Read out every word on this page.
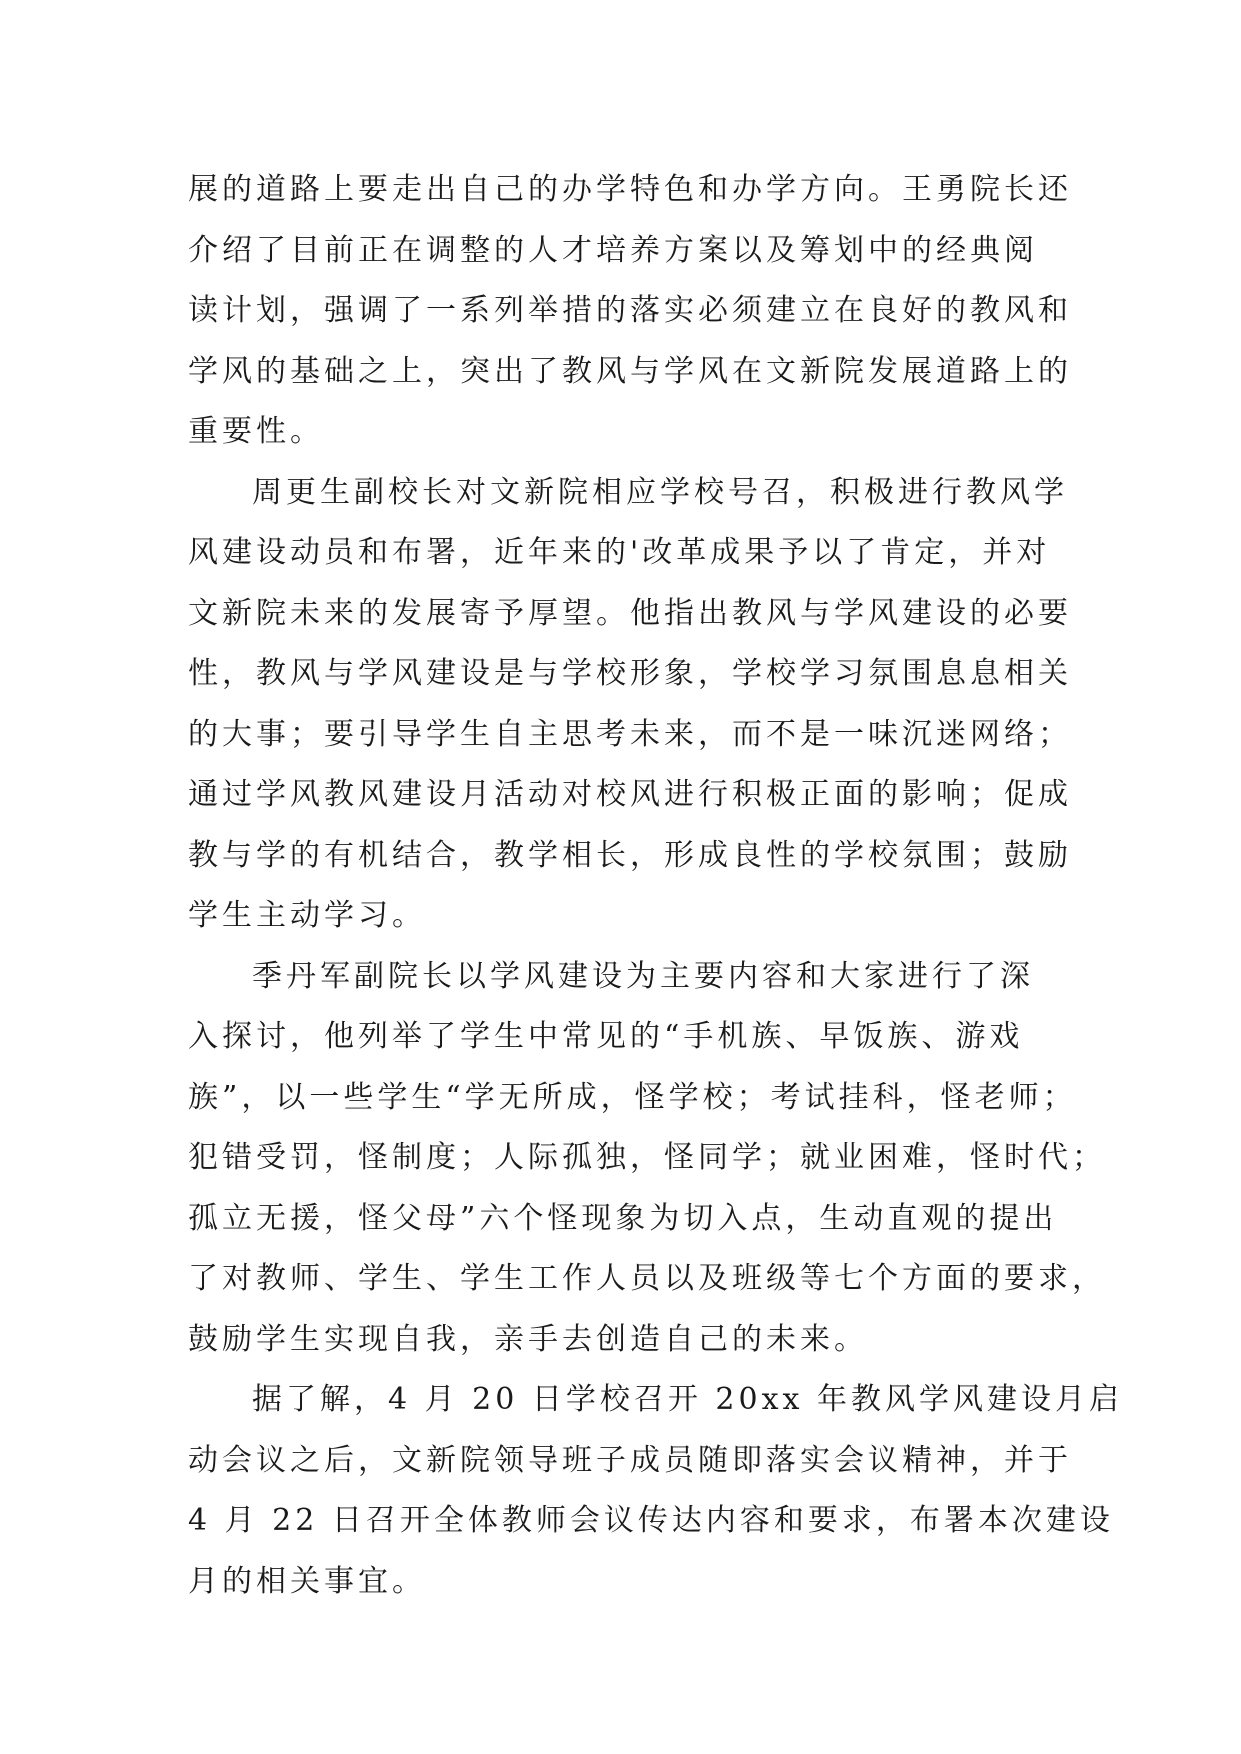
展的道路上要走出自己的办学特色和办学方向。王勇院长还
介绍了目前正在调整的人才培养方案以及筹划中的经典阅
读计划，强调了一系列举措的落实必须建立在良好的教风和
学风的基础之上，突出了教风与学风在文新院发展道路上的
重要性。
周更生副校长对文新院相应学校号召，积极进行教风学
风建设动员和布署，近年来的'改革成果予以了肯定，并对
文新院未来的发展寄予厚望。他指出教风与学风建设的必要
性，教风与学风建设是与学校形象，学校学习氛围息息相关
的大事；要引导学生自主思考未来，而不是一味沉迷网络；
通过学风教风建设月活动对校风进行积极正面的影响；促成
教与学的有机结合，教学相长，形成良性的学校氛围；鼓励
学生主动学习。
季丹军副院长以学风建设为主要内容和大家进行了深
入探讨，他列举了学生中常见的“手机族、早饭族、游戏
族”，以一些学生“学无所成，怪学校；考试挂科，怪老师；
犯错受罚，怪制度；人际孤独，怪同学；就业困难，怪时代；
孤立无援，怪父母”六个怪现象为切入点，生动直观的提出
了对教师、学生、学生工作人员以及班级等七个方面的要求，
鼓励学生实现自我，亲手去创造自己的未来。
据了解，4 月 20 日学校召开 20xx 年教风学风建设月启
动会议之后，文新院领导班子成员随即落实会议精神，并于
4 月 22 日召开全体教师会议传达内容和要求，布署本次建设
月的相关事宜。
